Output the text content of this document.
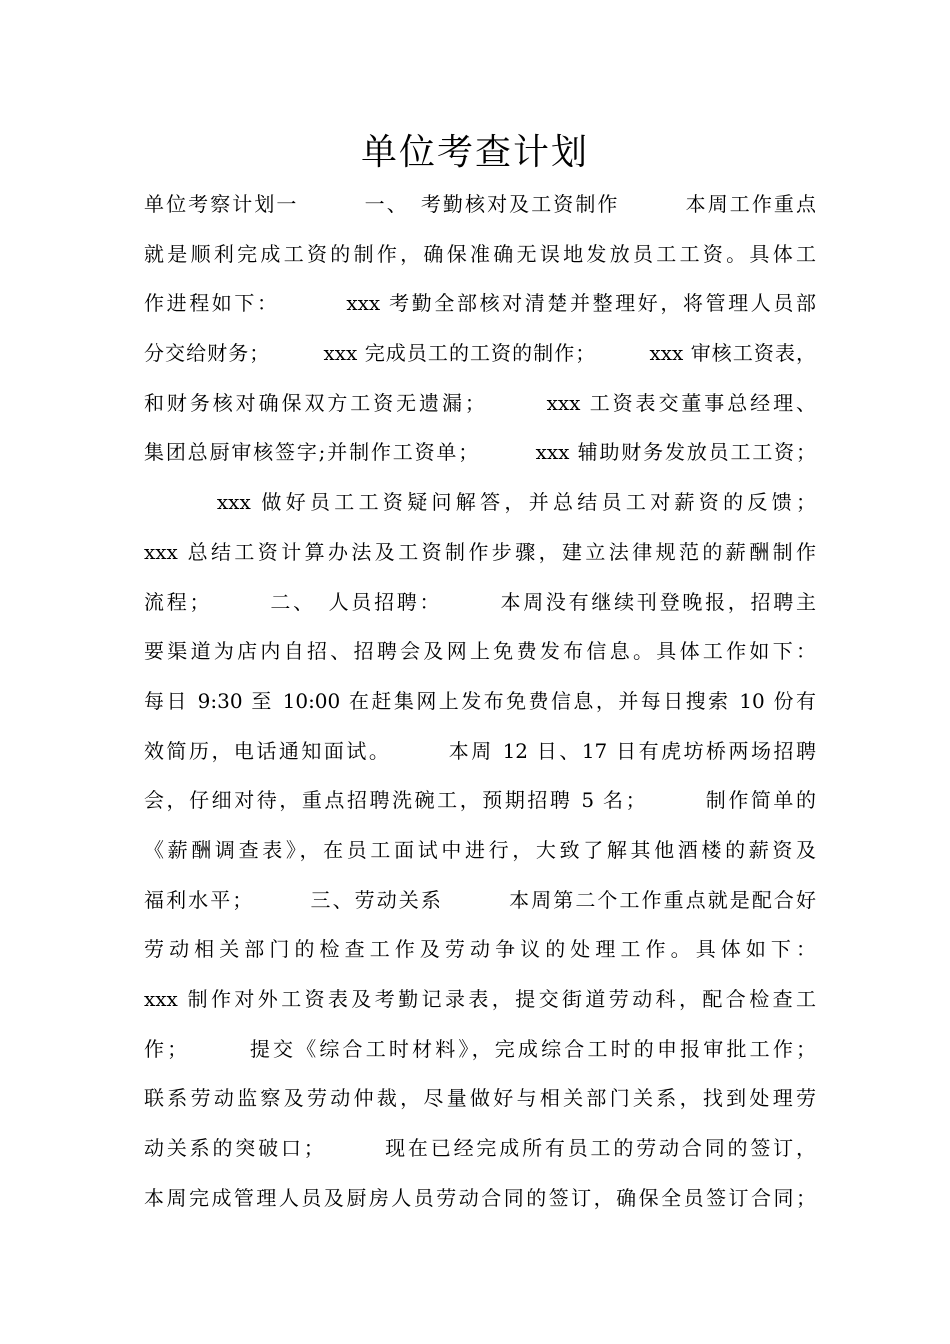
单位考查计划
单位考察计划一　　　一、　考勤核对及工资制作　　　本周工作重点
就是顺利完成工资的制作，确保准确无误地发放员工工资。具体工
作进程如下：　　　 xxx 考勤全部核对清楚并整理好，将管理人员部
分交给财务；　　　xxx 完成员工的工资的制作；　　　xxx 审核工资表，
和财务核对确保双方工资无遗漏；　　　xxx 工资表交董事总经理、
集团总厨审核签字;并制作工资单；　　　xxx 辅助财务发放员工工资；
　　　xxx 做好员工工资疑问解答，并总结员工对薪资的反馈；
xxx 总结工资计算办法及工资制作步骤，建立法律规范的薪酬制作
流程；　　　二、　人员招聘：　　　本周没有继续刊登晚报，招聘主
要渠道为店内自招、招聘会及网上免费发布信息。具体工作如下：
每日 9:30 至 10:00 在赶集网上发布免费信息，并每日搜索 10 份有
效简历，电话通知面试。　　　本周 12 日、17 日有虎坊桥两场招聘
会，仔细对待，重点招聘洗碗工，预期招聘 5 名；　　　制作简单的
《薪酬调查表》，在员工面试中进行，大致了解其他酒楼的薪资及
福利水平；　　　三、劳动关系　　　本周第二个工作重点就是配合好
劳动相关部门的检查工作及劳动争议的处理工作。具体如下：
xxx 制作对外工资表及考勤记录表，提交街道劳动科，配合检查工
作；　　　提交《综合工时材料》，完成综合工时的申报审批工作；
联系劳动监察及劳动仲裁，尽量做好与相关部门关系，找到处理劳
动关系的突破口；　　　现在已经完成所有员工的劳动合同的签订，
本周完成管理人员及厨房人员劳动合同的签订，确保全员签订合同；
